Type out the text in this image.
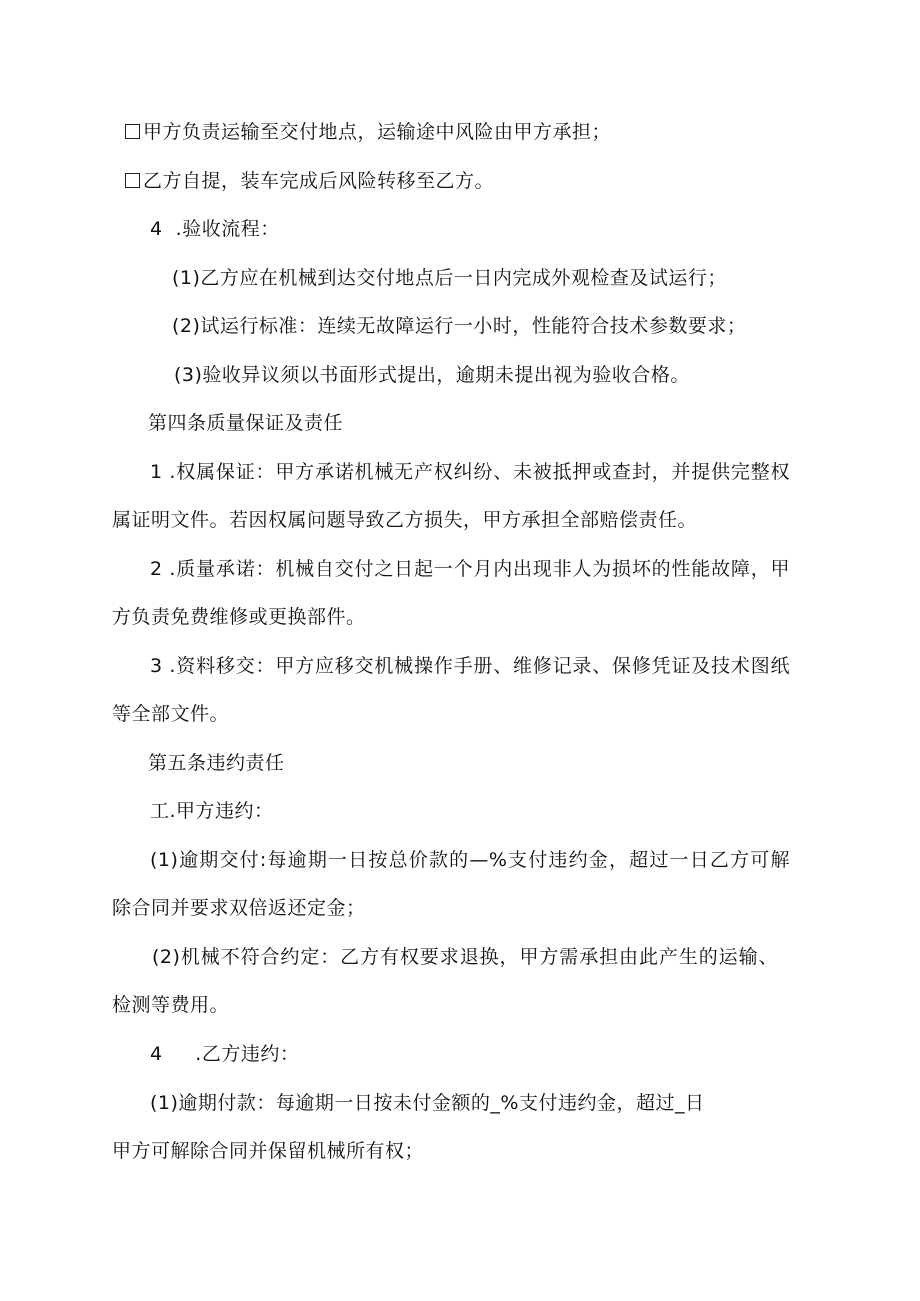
甲方负责运输至交付地点，运输途中风险由甲方承担；
乙方自提，装车完成后风险转移至乙方。
4  .验收流程：
(1)乙方应在机械到达交付地点后一日内完成外观检查及试运行；
(2)试运行标准：连续无故障运行一小时，性能符合技术参数要求；
(3)验收异议须以书面形式提出，逾期未提出视为验收合格。
第四条质量保证及责任
1 .权属保证：甲方承诺机械无产权纠纷、未被抵押或查封，并提供完整权
属证明文件。若因权属问题导致乙方损失，甲方承担全部赔偿责任。
2 .质量承诺：机械自交付之日起一个月内出现非人为损坏的性能故障，甲
方负责免费维修或更换部件。
3 .资料移交：甲方应移交机械操作手册、维修记录、保修凭证及技术图纸
等全部文件。
第五条违约责任
工.甲方违约：
(1)逾期交付:每逾期一日按总价款的—%支付违约金，超过一日乙方可解
除合同并要求双倍返还定金；
(2)机械不符合约定：乙方有权要求退换，甲方需承担由此产生的运输、
检测等费用。
4     .乙方违约：
(1)逾期付款：每逾期一日按未付金额的_%支付违约金，超过_日
甲方可解除合同并保留机械所有权；
